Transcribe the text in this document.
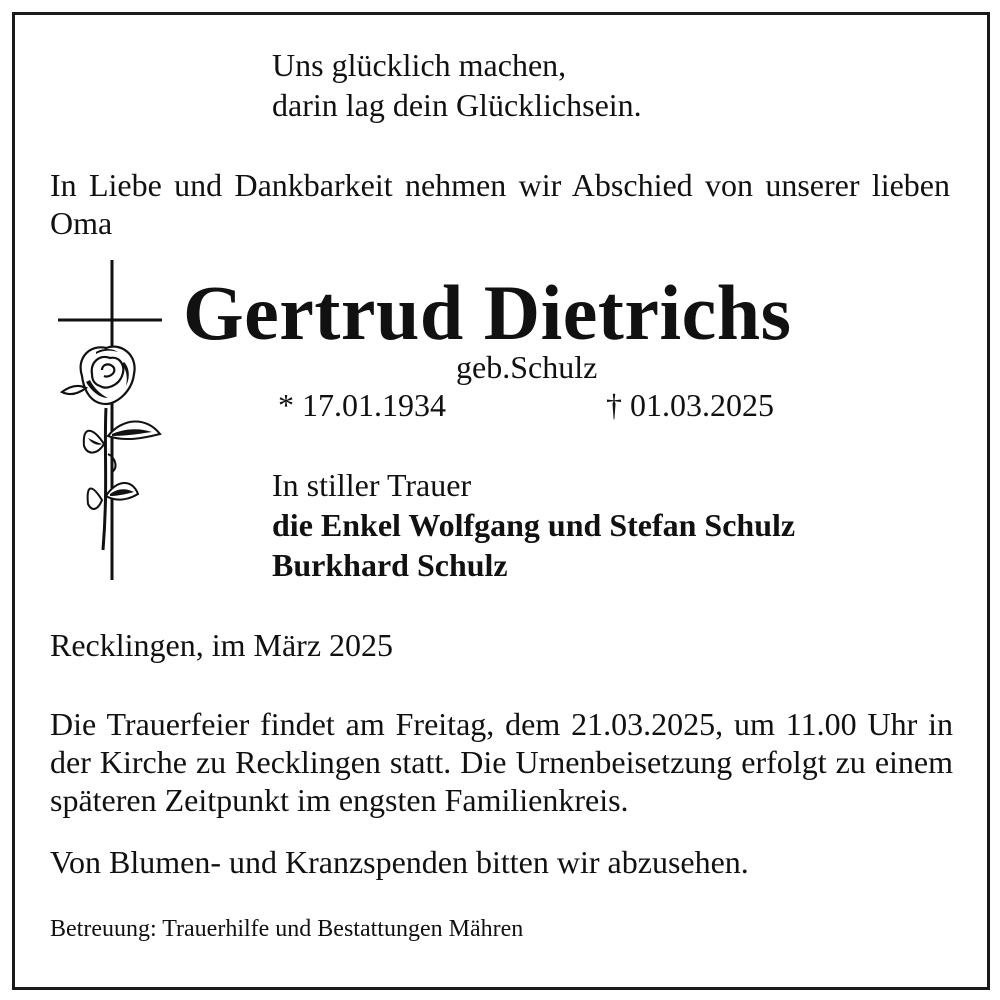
Uns glücklich machen,
darin lag dein Glücklichsein.
In Liebe und Dankbarkeit nehmen wir Abschied von unserer lieben Oma
Gertrud Dietrichs
geb.Schulz
* 17.01.1934	† 01.03.2025
In stiller Trauer
die Enkel Wolfgang und Stefan Schulz
Burkhard Schulz
Recklingen, im März 2025
Die Trauerfeier findet am Freitag, dem 21.03.2025, um 11.00 Uhr in der Kirche zu Recklingen statt. Die Urnenbeisetzung erfolgt zu einem späteren Zeitpunkt im engsten Familienkreis.
Von Blumen- und Kranzspenden bitten wir abzusehen.
Betreuung: Trauerhilfe und Bestattungen Mähren
